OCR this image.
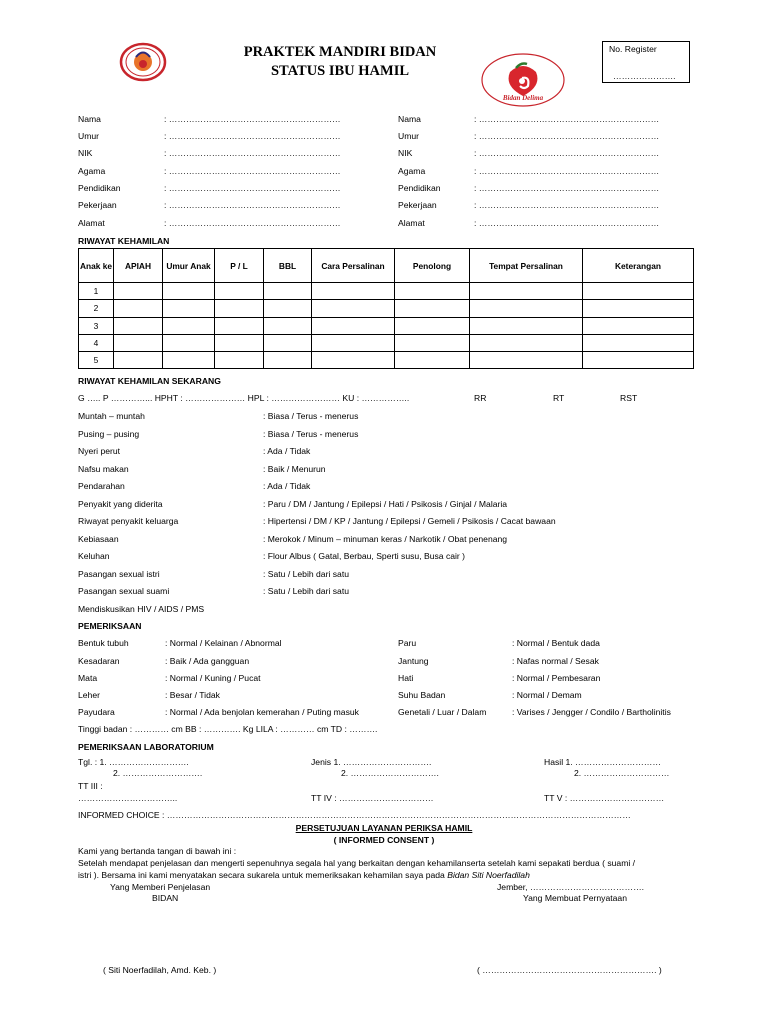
PRAKTEK MANDIRI BIDAN
STATUS IBU HAMIL
Bidan Delima
No. Register
………………….
Nama	: ……………………………………………………	Nama	: ………………………………………………………
Umur	: ……………………………………………………	Umur	: ………………………………………………………
NIK	: ……………………………………………………	NIK	: ………………………………………………………
Agama	: ……………………………………………………	Agama	: ………………………………………………………
Pendidikan	: ……………………………………………………	Pendidikan	: ………………………………………………………
Pekerjaan	: ……………………………………………………	Pekerjaan	: ………………………………………………………
Alamat	: ……………………………………………………	Alamat	: ………………………………………………………
RIWAYAT KEHAMILAN
Anak ke	APIAH	Umur Anak	P / L	BBL	Cara Persalinan	Penolong	Tempat Persalinan	Keterangan
1								
2								
3								
4								
5								
RIWAYAT KEHAMILAN SEKARANG
G ….. P …………... HPHT : ………………… HPL : …………………… KU : ……………..	RR	RT	RST
Muntah – muntah	: Biasa / Terus - menerus
Pusing – pusing	: Biasa / Terus - menerus
Nyeri perut	: Ada / Tidak
Nafsu makan	: Baik / Menurun
Pendarahan	: Ada / Tidak
Penyakit yang diderita	: Paru / DM / Jantung / Epilepsi / Hati / Psikosis / Ginjal / Malaria
Riwayat penyakit keluarga	: Hipertensi / DM / KP / Jantung / Epilepsi / Gemeli / Psikosis / Cacat bawaan
Kebiasaan	: Merokok / Minum – minuman keras / Narkotik / Obat penenang
Keluhan	: Flour Albus ( Gatal, Berbau, Sperti susu, Busa cair )
Pasangan sexual istri	: Satu / Lebih dari satu
Pasangan sexual suami	: Satu / Lebih dari satu
Mendiskusikan HIV / AIDS / PMS
PEMERIKSAAN
Bentuk tubuh	: Normal / Kelainan / Abnormal
Kesadaran	: Baik / Ada gangguan
Mata	: Normal / Kuning / Pucat
Leher	: Besar / Tidak
Payudara	: Normal / Ada benjolan kemerahan / Puting masuk
Paru	: Normal / Bentuk dada
Jantung	: Nafas normal / Sesak
Hati	: Normal / Pembesaran
Suhu Badan	: Normal / Demam
Genetali / Luar / Dalam	: Varises / Jengger / Condilo / Bartholinitis
Tinggi badan : ………… cm BB : …………. Kg LILA : ………… cm TD : ……….
PEMERIKSAAN LABORATORIUM
Tgl. : 1. ……………………….
2. ……………………….
Jenis 1. ………………………….
2. ………………………….
Hasil 1. …………………………
2. …………………………
TT III :
……………………………..	TT IV : ……………………………	TT V : ……………………………
INFORMED CHOICE : ………………………………………………………………………………………………………………………………………………
PERSETUJUAN LAYANAN PERIKSA HAMIL
( INFORMED CONSENT )
Kami yang bertanda tangan di bawah ini :
Setelah mendapat penjelasan dan mengerti sepenuhnya segala hal yang berkaitan dengan kehamilanserta setelah kami sepakati berdua ( suami /
istri ). Bersama ini kami menyatakan secara sukarela untuk memeriksakan kehamilan saya pada Bidan Siti Noerfadilah
Yang Memberi Penjelasan
BIDAN
Jember, ………………………………….
Yang Membuat Pernyataan
( Siti Noerfadilah, Amd. Keb. )	( ……………………………………………………. )
